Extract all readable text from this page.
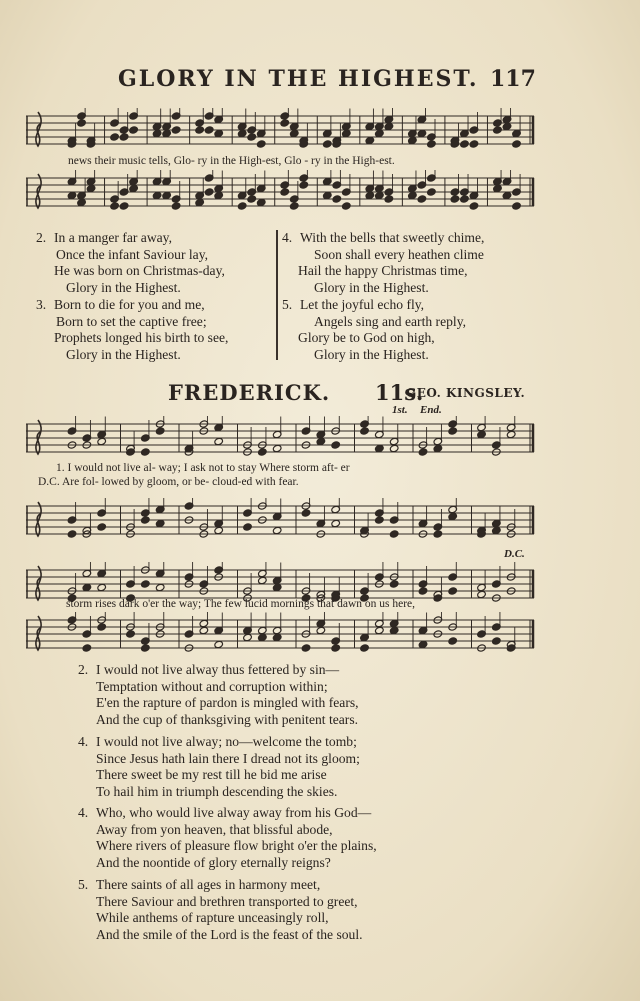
GLORY IN THE HIGHEST. 117
news their music tells, Glo- ry in the High-est, Glo - ry in the High-est.
2. In a manger far away,
Once the infant Saviour lay,
He was born on Christmas-day,
Glory in the Highest.
3. Born to die for you and me,
Born to set the captive free;
Prophets longed his birth to see,
Glory in the Highest.
4. With the bells that sweetly chime,
Soon shall every heathen clime
Hail the happy Christmas time,
Glory in the Highest.
5. Let the joyful echo fly,
Angels sing and earth reply,
Glory be to God on high,
Glory in the Highest.
FREDERICK. 11s.
GEO. KINGSLEY.
1st. End.
1. I would not live al- way; I ask not to stay Where storm aft- er
D.C. Are fol- lowed by gloom, or be- cloud-ed with fear.
D.C.
storm rises dark o'er the way; The few lucid mornings that dawn on us here,
2. I would not live alway thus fettered by sin—
Temptation without and corruption within;
E'en the rapture of pardon is mingled with fears,
And the cup of thanksgiving with penitent tears.
4. I would not live alway; no—welcome the tomb;
Since Jesus hath lain there I dread not its gloom;
There sweet be my rest till he bid me arise
To hail him in triumph descending the skies.
4. Who, who would live alway away from his God—
Away from yon heaven, that blissful abode,
Where rivers of pleasure flow bright o'er the plains,
And the noontide of glory eternally reigns?
5. There saints of all ages in harmony meet,
There Saviour and brethren transported to greet,
While anthems of rapture unceasingly roll,
And the smile of the Lord is the feast of the soul.
